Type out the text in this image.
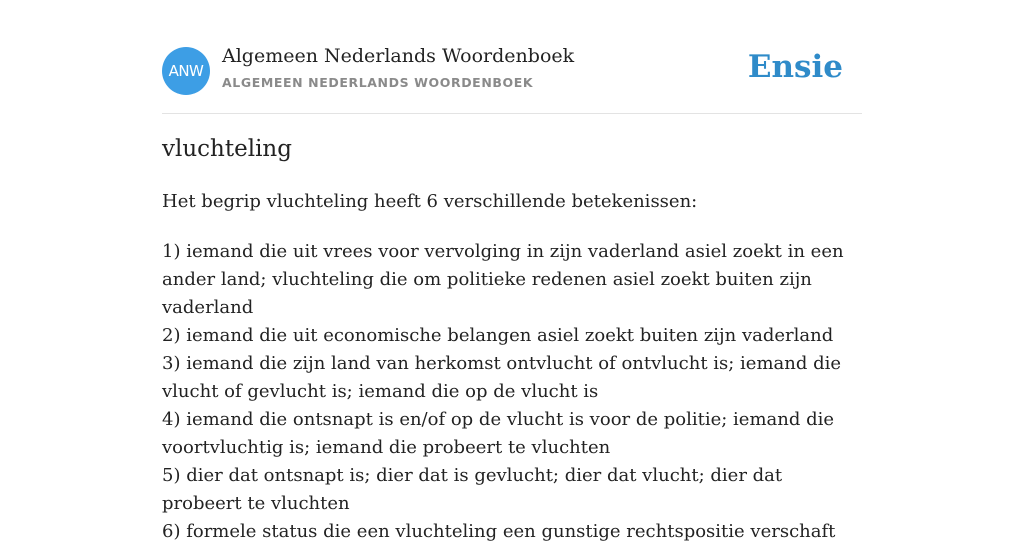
ANW
Algemeen Nederlands Woordenboek
ALGEMEEN NEDERLANDS WOORDENBOEK	Ensie
vluchteling

Het begrip vluchteling heeft 6 verschillende betekenissen:

1) iemand die uit vrees voor vervolging in zijn vaderland asiel zoekt in een ander land; vluchteling die om politieke redenen asiel zoekt buiten zijn vaderland
2) iemand die uit economische belangen asiel zoekt buiten zijn vaderland
3) iemand die zijn land van herkomst ontvlucht of ontvlucht is; iemand die vlucht of gevlucht is; iemand die op de vlucht is
4) iemand die ontsnapt is en/of op de vlucht is voor de politie; iemand die voortvluchtig is; iemand die probeert te vluchten
5) dier dat ontsnapt is; dier dat is gevlucht; dier dat vlucht; dier dat probeert te vluchten
6) formele status die een vluchteling een gunstige rechtspositie verschaft
